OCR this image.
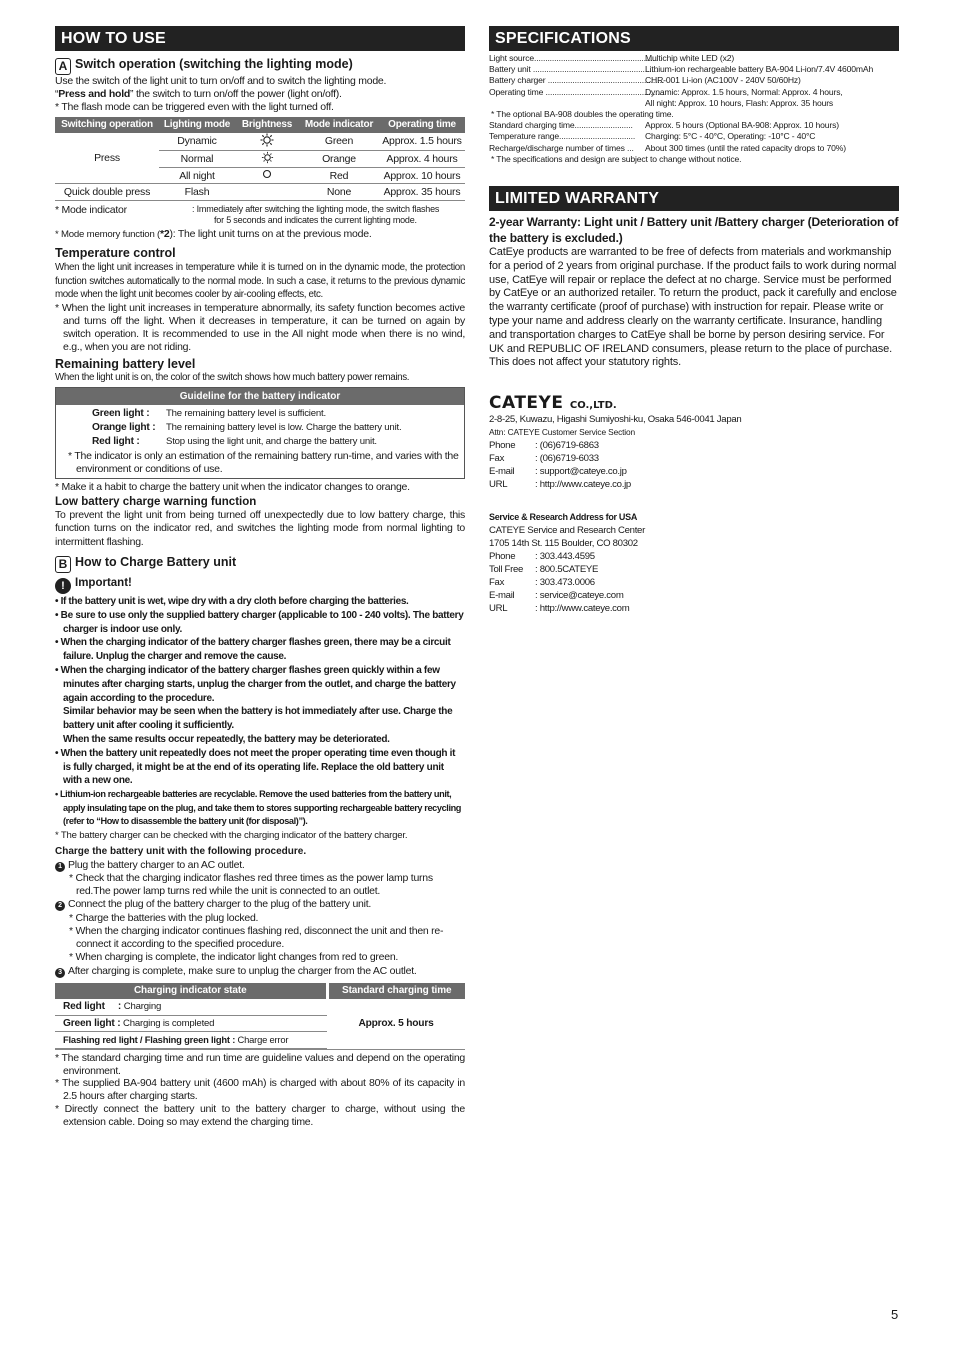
HOW TO USE
A Switch operation (switching the lighting mode)
Use the switch of the light unit to turn on/off and to switch the lighting mode.
“Press and hold” the switch to turn on/off the power (light on/off).
* The flash mode can be triggered even with the light turned off.
Switching operation	Lighting mode	Brightness	Mode indicator	Operating time
Press	Dynamic		Green	Approx. 1.5 hours
	Normal		Orange	Approx. 4 hours
	All night		Red	Approx. 10 hours
Quick double press	Flash		None	Approx. 35 hours
* Mode indicator	: Immediately after switching the lighting mode, the switch flashes
for 5 seconds and indicates the current lighting mode.
* Mode memory function (*2): The light unit turns on at the previous mode.
Temperature control
When the light unit increases in temperature while it is turned on in the dynamic mode, the protection function switches automatically to the normal mode. In such a case, it returns to the previous dynamic mode when the light unit becomes cooler by air-cooling effects, etc.
* When the light unit increases in temperature abnormally, its safety function becomes active and turns off the light. When it decreases in temperature, it can be turned on again by switch operation. It is recommended to use in the All night mode when there is no wind, e.g., when you are not riding.
Remaining battery level
When the light unit is on, the color of the switch shows how much battery power remains.
Guideline for the battery indicator
Green light : The remaining battery level is sufficient.
Orange light : The remaining battery level is low. Charge the battery unit.
Red light :	Stop using the light unit, and charge the battery unit.
* The indicator is only an estimation of the remaining battery run-time, and varies with the environment or conditions of use.
* Make it a habit to charge the battery unit when the indicator changes to orange.
Low battery charge warning function
To prevent the light unit from being turned off unexpectedly due to low battery charge, this function turns on the indicator red, and switches the lighting mode from normal lighting to intermittent flashing.
B How to Charge Battery unit
! Important!
• If the battery unit is wet, wipe dry with a dry cloth before charging the batteries.
• Be sure to use only the supplied battery charger (applicable to 100 - 240 volts). The battery charger is indoor use only.
• When the charging indicator of the battery charger flashes green, there may be a circuit failure. Unplug the charger and remove the cause.
• When the charging indicator of the battery charger flashes green quickly within a few minutes after charging starts, unplug the charger from the outlet, and charge the battery again according to the procedure.
Similar behavior may be seen when the battery is hot immediately after use. Charge the battery unit after cooling it sufficiently.
When the same results occur repeatedly, the battery may be deteriorated.
• When the battery unit repeatedly does not meet the proper operating time even though it is fully charged, it might be at the end of its operating life. Replace the old battery unit with a new one.
• Lithium-ion rechargeable batteries are recyclable. Remove the used batteries from the battery unit, apply insulating tape on the plug, and take them to stores supporting rechargeable battery recycling (refer to “How to disassemble the battery unit (for disposal)”).
* The battery charger can be checked with the charging indicator of the battery charger.
Charge the battery unit with the following procedure.
1 Plug the battery charger to an AC outlet.
* Check that the charging indicator flashes red three times as the power lamp turns red.The power lamp turns red while the unit is connected to an outlet.
2 Connect the plug of the battery charger to the plug of the battery unit.
* Charge the batteries with the plug locked.
* When the charging indicator continues flashing red, disconnect the unit and then re-connect it according to the specified procedure.
* When charging is complete, the indicator light changes from red to green.
3 After charging is complete, make sure to unplug the charger from the AC outlet.
Charging indicator state	Standard charging time
Red light     : Charging	Approx. 5 hours
Green light : Charging is completed	
Flashing red light / Flashing green light : Charge error	
* The standard charging time and run time are guideline values and depend on the operating environment.
* The supplied BA-904 battery unit (4600 mAh) is charged with about 80% of its capacity in 2.5 hours after charging starts.
* Directly connect the battery unit to the battery charger to charge, without using the extension cable. Doing so may extend the charging time.
SPECIFICATIONS
Light source.......................................................
Multichip white LED (x2)
Battery unit ........................................................
Lithium-ion rechargeable battery BA-904 Li-ion/7.4V 4600mAh
Battery charger ....................................................
CHR-001 Li-ion (AC100V - 240V 50/60Hz)
Operating time .....................................................
Dynamic: Approx. 1.5 hours, Normal: Approx. 4 hours,
All night: Approx. 10 hours, Flash: Approx. 35 hours
* The optional BA-908 doubles the operating time.
Standard charging time..........................	Approx. 5 hours (Optional BA-908: Approx. 10 hours)
Temperature range..................................	Charging: 5°C - 40°C, Operating: -10°C - 40°C
Recharge/discharge number of times ...	About 300 times (until the rated capacity drops to 70%)
* The specifications and design are subject to change without notice.
LIMITED WARRANTY
2-year Warranty: Light unit / Battery unit /Battery charger (Deterioration of the battery is excluded.)
CatEye products are warranted to be free of defects from materials and workmanship for a period of 2 years from original purchase. If the product fails to work during normal use, CatEye will repair or replace the defect at no charge. Service must be performed by CatEye or an authorized retailer. To return the product, pack it carefully and enclose the warranty certificate (proof of purchase) with instruction for repair. Please write or type your name and address clearly on the warranty certificate. Insurance, handling and transportation charges to CatEye shall be borne by person desiring service. For UK and REPUBLIC OF IRELAND consumers, please return to the place of purchase. This does not affect your statutory rights.
CATEYE CO.,LTD.
2-8-25, Kuwazu, Higashi Sumiyoshi-ku, Osaka 546-0041 Japan
Attn: CATEYE Customer Service Section
Phone	: (06)6719-6863
Fax	: (06)6719-6033
E-mail	: support@cateye.co.jp
URL	: http://www.cateye.co.jp
Service & Research Address for USA
CATEYE Service and Research Center
1705 14th St. 115 Boulder, CO 80302
Phone	: 303.443.4595
Toll Free	: 800.5CATEYE
Fax	: 303.473.0006
E-mail	: service@cateye.com
URL	: http://www.cateye.com
5
